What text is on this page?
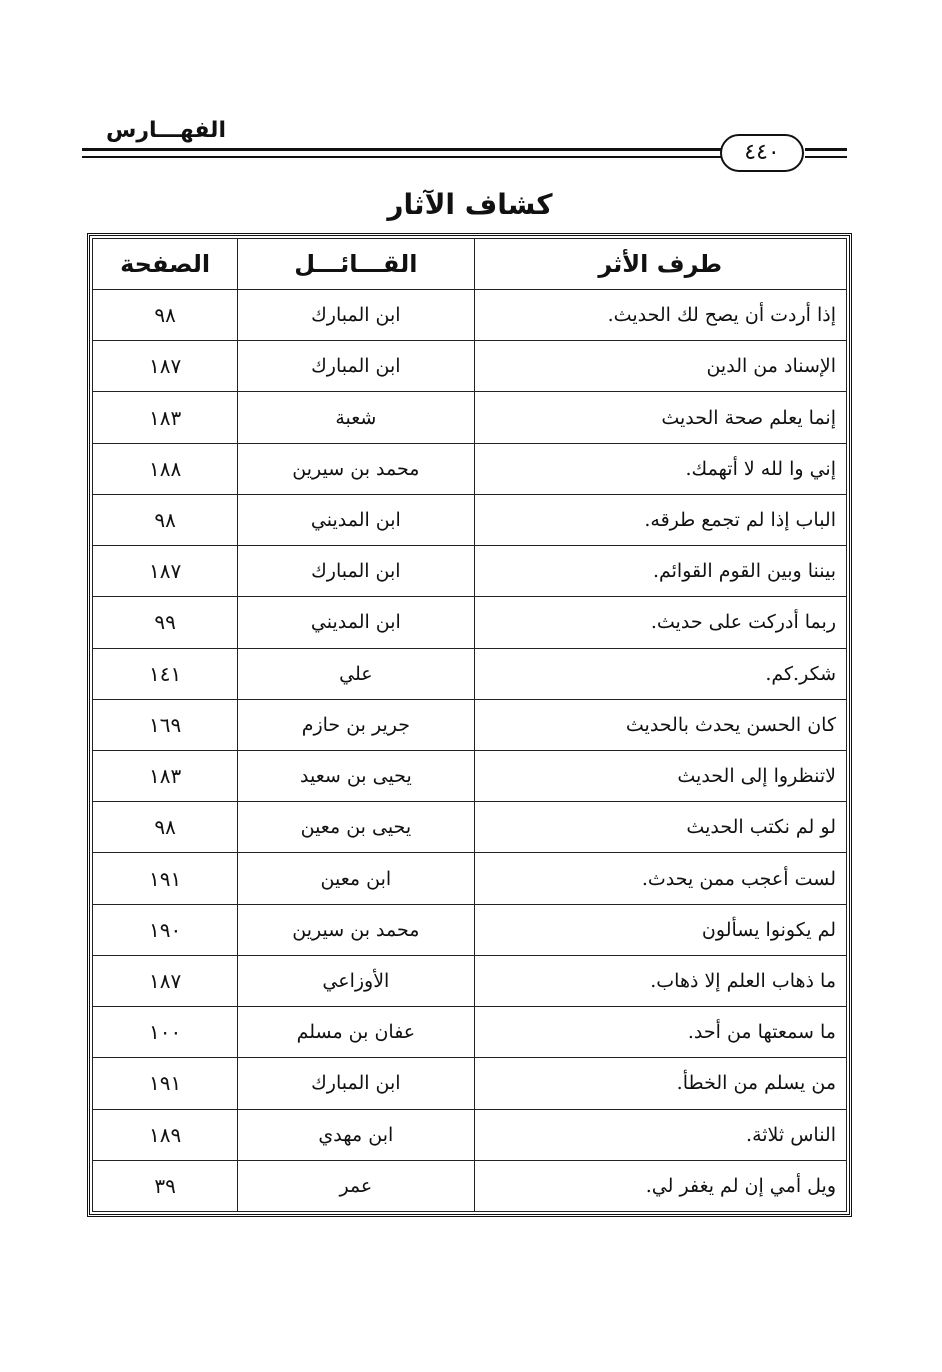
الفهـــارس
٤٤٠
كشاف الآثار
طرف الأثر	القـــائـــل	الصفحة
إذا أردت أن يصح لك الحديث.	ابن المبارك	٩٨
الإسناد من الدين	ابن المبارك	١٨٧
إنما يعلم صحة الحديث	شعبة	١٨٣
إني وا لله لا أتهمك.	محمد بن سيرين	١٨٨
الباب إذا لم تجمع طرقه.	ابن المديني	٩٨
بيننا وبين القوم القوائم.	ابن المبارك	١٨٧
ربما أدركت على حديث.	ابن المديني	٩٩
شكر.كم.	علي	١٤١
كان الحسن يحدث بالحديث	جرير بن حازم	١٦٩
لاتنظروا إلى الحديث	يحيى بن سعيد	١٨٣
لو لم نكتب الحديث	يحيى بن معين	٩٨
لست أعجب ممن يحدث.	ابن معين	١٩١
لم يكونوا يسألون	محمد بن سيرين	١٩٠
ما ذهاب العلم إلا ذهاب.	الأوزاعي	١٨٧
ما سمعتها من أحد.	عفان بن مسلم	١٠٠
من يسلم من الخطأ.	ابن المبارك	١٩١
الناس ثلاثة.	ابن مهدي	١٨٩
ويل أمي إن لم يغفر لي.	عمر	٣٩
